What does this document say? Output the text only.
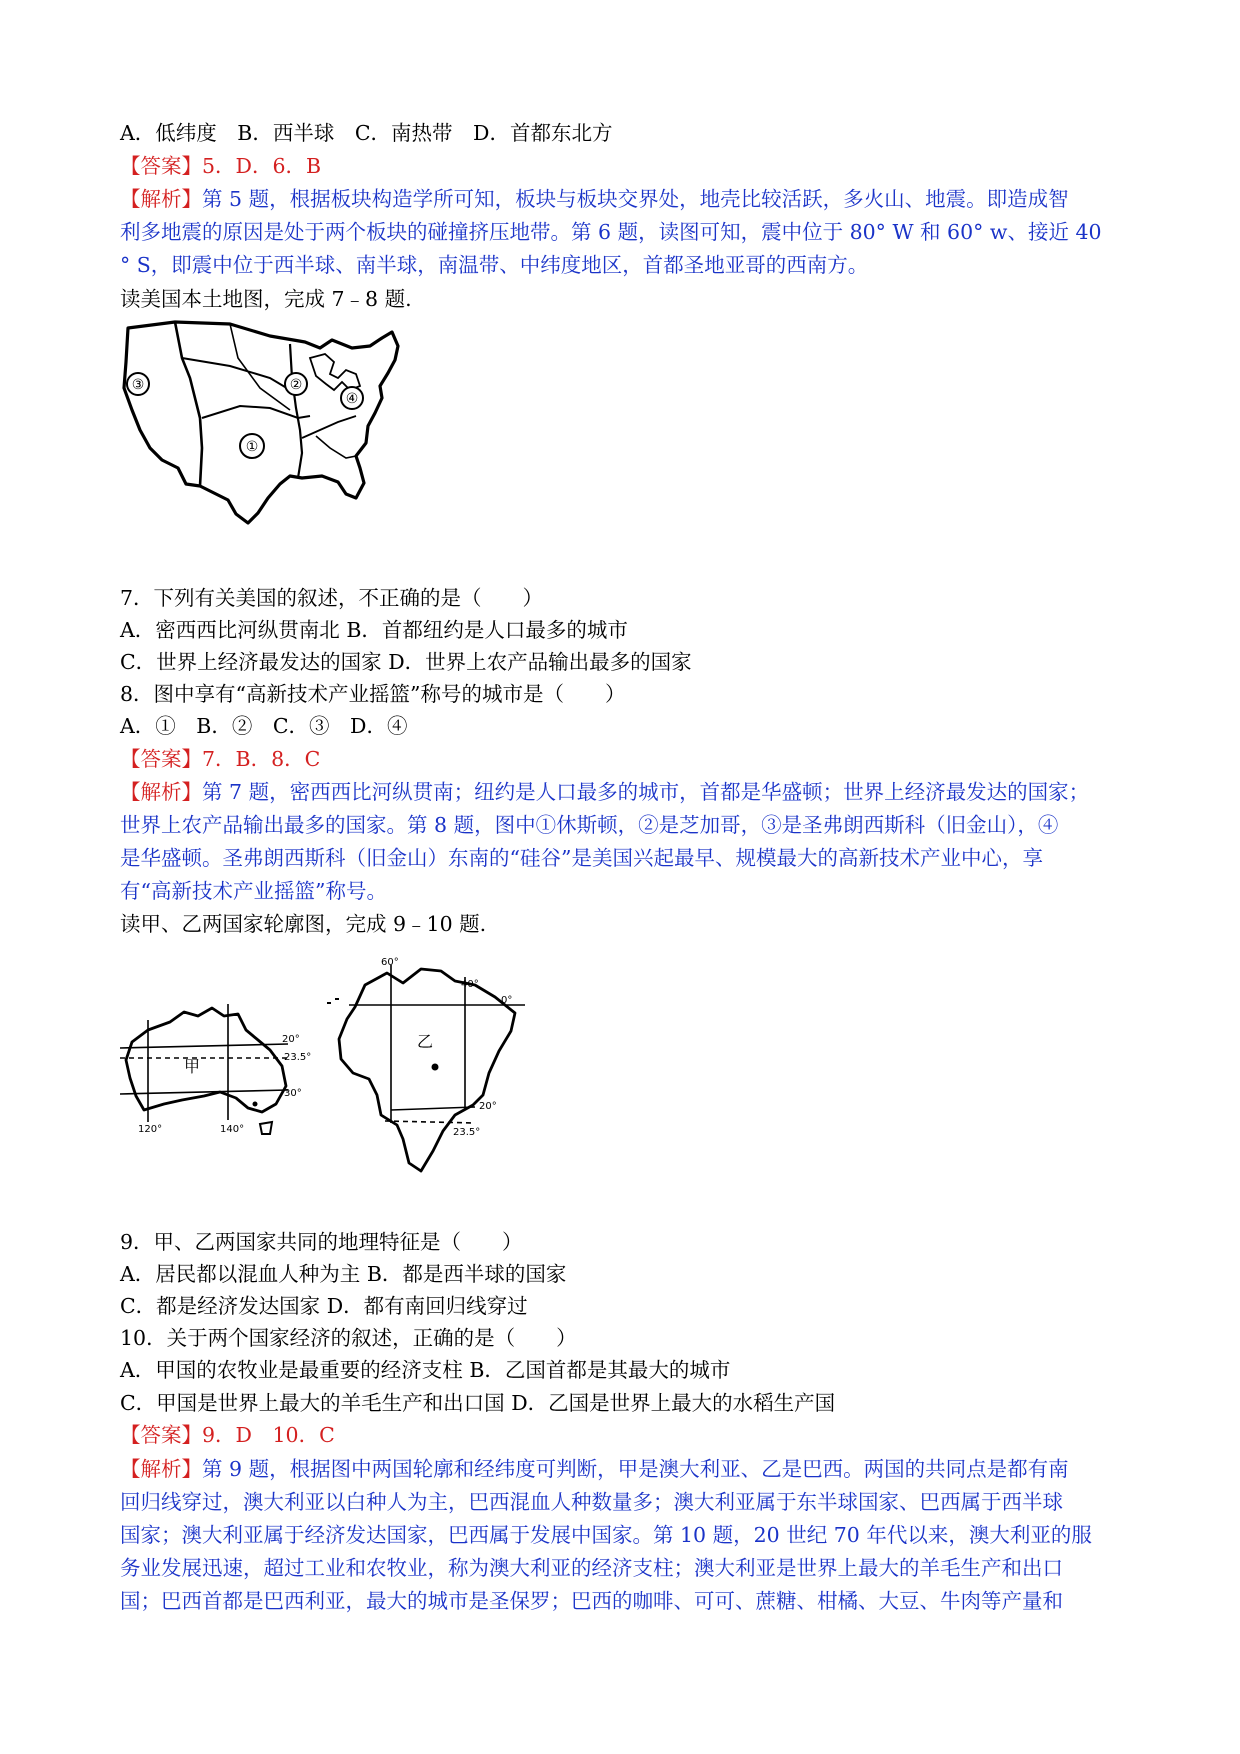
A．低纬度　B．西半球　C．南热带　D．首都东北方
【答案】5．D．6．B
【解析】第 5 题，根据板块构造学所可知，板块与板块交界处，地壳比较活跃，多火山、地震。即造成智
利多地震的原因是处于两个板块的碰撞挤压地带。第 6 题，读图可知，震中位于 80° W 和 60° w、接近 40
° S，即震中位于西半球、南半球，南温带、中纬度地区，首都圣地亚哥的西南方。
读美国本土地图，完成 7﹣8 题.
②
④
③
①
7．下列有关美国的叙述，不正确的是（　　）
A．密西西比河纵贯南北 B．首都纽约是人口最多的城市
C．世界上经济最发达的国家 D．世界上农产品输出最多的国家
8．图中享有“高新技术产业摇篮”称号的城市是（　　）
A．①　B．②　C．③　D．④
【答案】7．B．8．C
【解析】第 7 题，密西西比河纵贯南；纽约是人口最多的城市，首都是华盛顿；世界上经济最发达的国家；
世界上农产品输出最多的国家。第 8 题，图中①休斯顿，②是芝加哥，③是圣弗朗西斯科（旧金山），④
是华盛顿。圣弗朗西斯科（旧金山）东南的“硅谷”是美国兴起最早、规模最大的高新技术产业中心，享
有“高新技术产业摇篮”称号。
读甲、乙两国家轮廓图，完成 9﹣10 题.
甲
20°
23.5°
30°
120°	140°
乙
60°
40°
0°
20°
23.5°
9．甲、乙两国家共同的地理特征是（　　）
A．居民都以混血人种为主 B．都是西半球的国家
C．都是经济发达国家 D．都有南回归线穿过
10．关于两个国家经济的叙述，正确的是（　　）
A．甲国的农牧业是最重要的经济支柱 B．乙国首都是其最大的城市
C．甲国是世界上最大的羊毛生产和出口国 D．乙国是世界上最大的水稻生产国
【答案】9．D　10．C
【解析】第 9 题，根据图中两国轮廓和经纬度可判断，甲是澳大利亚、乙是巴西。两国的共同点是都有南
回归线穿过，澳大利亚以白种人为主，巴西混血人种数量多；澳大利亚属于东半球国家、巴西属于西半球
国家；澳大利亚属于经济发达国家，巴西属于发展中国家。第 10 题，20 世纪 70 年代以来，澳大利亚的服
务业发展迅速，超过工业和农牧业，称为澳大利亚的经济支柱；澳大利亚是世界上最大的羊毛生产和出口
国；巴西首都是巴西利亚，最大的城市是圣保罗；巴西的咖啡、可可、蔗糖、柑橘、大豆、牛肉等产量和
